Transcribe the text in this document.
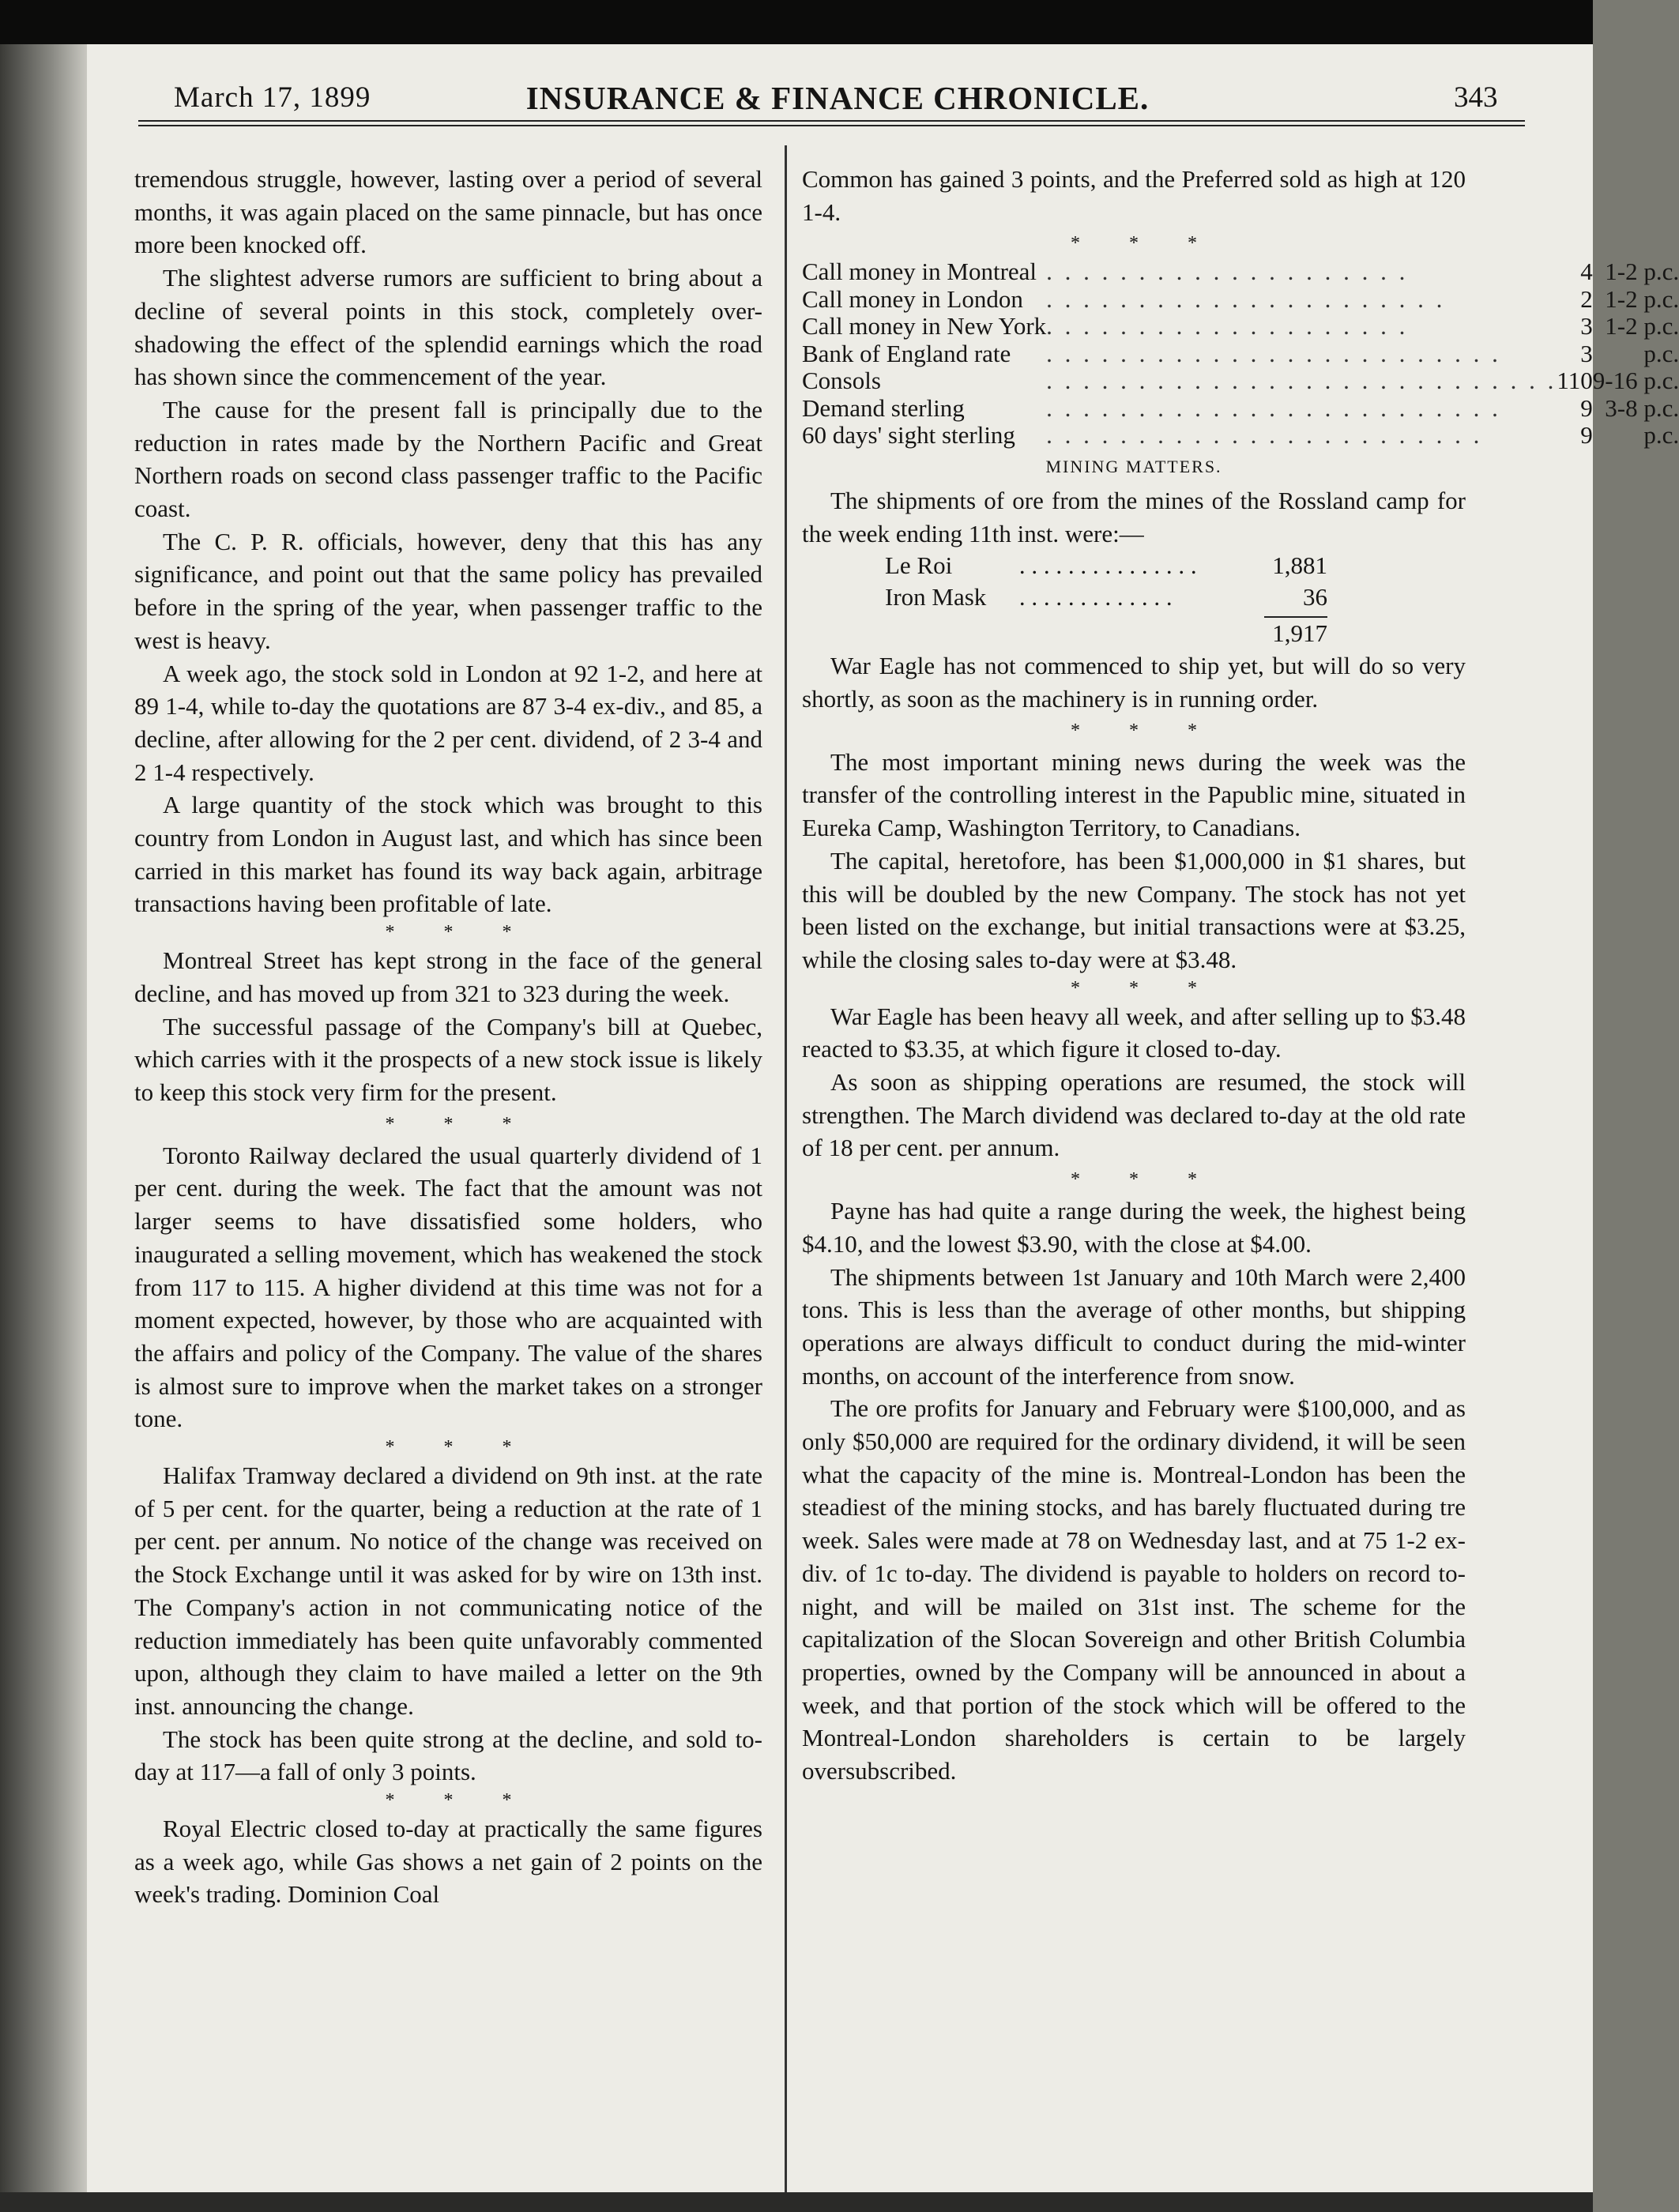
March 17, 1899	INSURANCE & FINANCE CHRONICLE.	343

tremendous struggle, however, lasting over a period of several months, it was again placed on the same pinnacle, but has once more been knocked off.

The slightest adverse rumors are sufficient to bring about a decline of several points in this stock, completely over-shadowing the effect of the splendid earnings which the road has shown since the commencement of the year.

The cause for the present fall is principally due to the reduction in rates made by the Northern Pacific and Great Northern roads on second class passenger traffic to the Pacific coast.

The C. P. R. officials, however, deny that this has any significance, and point out that the same policy has prevailed before in the spring of the year, when passenger traffic to the west is heavy.

A week ago, the stock sold in London at 92 1-2, and here at 89 1-4, while to-day the quotations are 87 3-4 ex-div., and 85, a decline, after allowing for the 2 per cent. dividend, of 2 3-4 and 2 1-4 respectively.

A large quantity of the stock which was brought to this country from London in August last, and which has since been carried in this market has found its way back again, arbitrage transactions having been profitable of late.

* * *

Montreal Street has kept strong in the face of the general decline, and has moved up from 321 to 323 during the week.

The successful passage of the Company's bill at Quebec, which carries with it the prospects of a new stock issue is likely to keep this stock very firm for the present.

* * *

Toronto Railway declared the usual quarterly dividend of 1 per cent. during the week. The fact that the amount was not larger seems to have dissatisfied some holders, who inaugurated a selling movement, which has weakened the stock from 117 to 115. A higher dividend at this time was not for a moment expected, however, by those who are acquainted with the affairs and policy of the Company. The value of the shares is almost sure to improve when the market takes on a stronger tone.

* * *

Halifax Tramway declared a dividend on 9th inst. at the rate of 5 per cent. for the quarter, being a reduction at the rate of 1 per cent. per annum. No notice of the change was received on the Stock Exchange until it was asked for by wire on 13th inst. The Company's action in not communicating notice of the reduction immediately has been quite unfavorably commented upon, although they claim to have mailed a letter on the 9th inst. announcing the change.

The stock has been quite strong at the decline, and sold to-day at 117—a fall of only 3 points.

* * *

Royal Electric closed to-day at practically the same figures as a week ago, while Gas shows a net gain of 2 points on the week's trading. Dominion Coal

Common has gained 3 points, and the Preferred sold as high at 120 1-4.

* * *
Call money in Montreal	. . . . . . . . . . . . . . . . . . . .	4	1-2 p.c.
Call money in London	. . . . . . . . . . . . . . . . . . . . . .	2	1-2 p.c.
Call money in New York	. . . . . . . . . . . . . . . . . . . .	3	1-2 p.c.
Bank of England rate	. . . . . . . . . . . . . . . . . . . . . . . . .	3	p.c.
Consols	. . . . . . . . . . . . . . . . . . . . . . . . . . . .	110	9-16 p.c.
Demand sterling	. . . . . . . . . . . . . . . . . . . . . . . . .	9	3-8 p.c.
60 days' sight sterling	. . . . . . . . . . . . . . . . . . . . . . . .	9	p.c.
MINING MATTERS.

The shipments of ore from the mines of the Rossland camp for the week ending 11th inst. were:—

Le Roi	. . . . . . . . . . . . . . .	1,881
Iron Mask	. . . . . . . . . . . . .	36
1,917

War Eagle has not commenced to ship yet, but will do so very shortly, as soon as the machinery is in running order.

* * *

The most important mining news during the week was the transfer of the controlling interest in the Papublic mine, situated in Eureka Camp, Washington Territory, to Canadians.

The capital, heretofore, has been $1,000,000 in $1 shares, but this will be doubled by the new Company. The stock has not yet been listed on the exchange, but initial transactions were at $3.25, while the closing sales to-day were at $3.48.

* * *

War Eagle has been heavy all week, and after selling up to $3.48 reacted to $3.35, at which figure it closed to-day.

As soon as shipping operations are resumed, the stock will strengthen. The March dividend was declared to-day at the old rate of 18 per cent. per annum.

* * *

Payne has had quite a range during the week, the highest being $4.10, and the lowest $3.90, with the close at $4.00.

The shipments between 1st January and 10th March were 2,400 tons. This is less than the average of other months, but shipping operations are always difficult to conduct during the mid-winter months, on account of the interference from snow.

The ore profits for January and February were $100,000, and as only $50,000 are required for the ordinary dividend, it will be seen what the capacity of the mine is. Montreal-London has been the steadiest of the mining stocks, and has barely fluctuated during tre week. Sales were made at 78 on Wednesday last, and at 75 1-2 ex-div. of 1c to-day. The dividend is payable to holders on record to-night, and will be mailed on 31st inst. The scheme for the capitalization of the Slocan Sovereign and other British Columbia properties, owned by the Company will be announced in about a week, and that portion of the stock which will be offered to the Montreal-London shareholders is certain to be largely oversubscribed.
